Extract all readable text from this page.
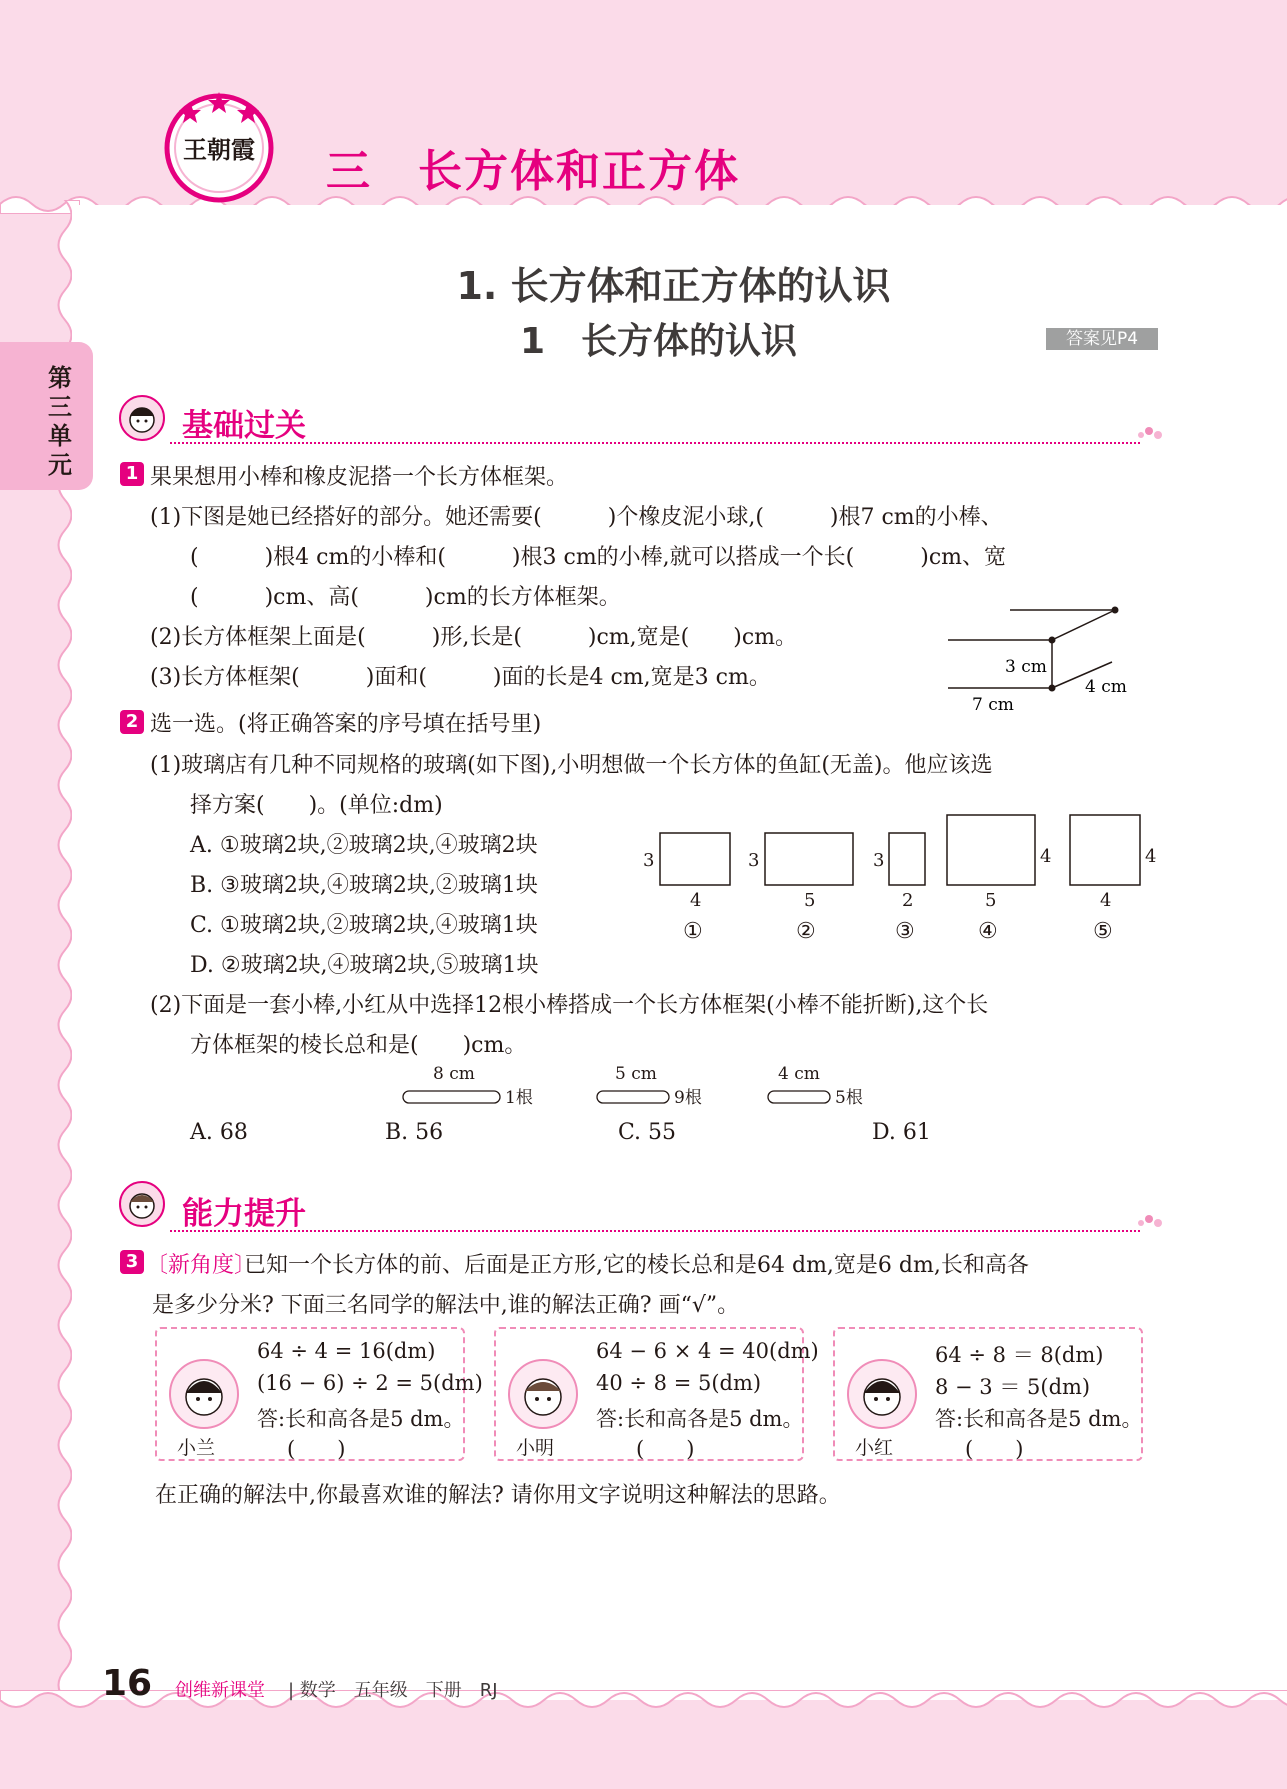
王朝霞 三　长方体和正方体
第三单元
1. 长方体和正方体的认识
1　长方体的认识	答案见P4
基础过关
1 果果想用小棒和橡皮泥搭一个长方体框架。
(1)下图是她已经搭好的部分。她还需要(　　　)个橡皮泥小球,(　　　)根7 cm的小棒、
(　　　)根4 cm的小棒和(　　　)根3 cm的小棒,就可以搭成一个长(　　　)cm、宽
(　　　)cm、高(　　　)cm的长方体框架。
(2)长方体框架上面是(　　　)形,长是(　　　)cm,宽是(　　)cm。
(3)长方体框架(　　　)面和(　　　)面的长是4 cm,宽是3 cm。	3 cm
4 cm
7 cm
2 选一选。(将正确答案的序号填在括号里)
(1)玻璃店有几种不同规格的玻璃(如下图),小明想做一个长方体的鱼缸(无盖)。他应该选
择方案(　　)。(单位:dm)
A. ①玻璃2块,②玻璃2块,④玻璃2块
B. ③玻璃2块,④玻璃2块,②玻璃1块
C. ①玻璃2块,②玻璃2块,④玻璃1块
D. ②玻璃2块,④玻璃2块,⑤玻璃1块
3
4
①
3
5
②
3
2
③
4
5
④
4
4
⑤
(2)下面是一套小棒,小红从中选择12根小棒搭成一个长方体框架(小棒不能折断),这个长
方体框架的棱长总和是(　　)cm。
8 cm
1根
5 cm
9根
4 cm
5根
A. 68	B. 56	C. 55	D. 61
能力提升
3 〔新角度〕
已知一个长方体的前、后面是正方形,它的棱长总和是64 dm,宽是6 dm,长和高各
是多少分米? 下面三名同学的解法中,谁的解法正确? 画“√”。
小兰
64 ÷ 4 = 16(dm)
(16 − 6) ÷ 2 = 5(dm)
答:长和高各是5 dm。
(　　)	小明
64 − 6 × 4 = 40(dm)
40 ÷ 8 = 5(dm)
答:长和高各是5 dm。
(　　)	小红
64 ÷ 8 ＝ 8(dm)
8 − 3 ＝ 5(dm)
答:长和高各是5 dm。
(　　)
在正确的解法中,你最喜欢谁的解法? 请你用文字说明这种解法的思路。
16 创维新课堂 | 数学　五年级　下册　RJ
